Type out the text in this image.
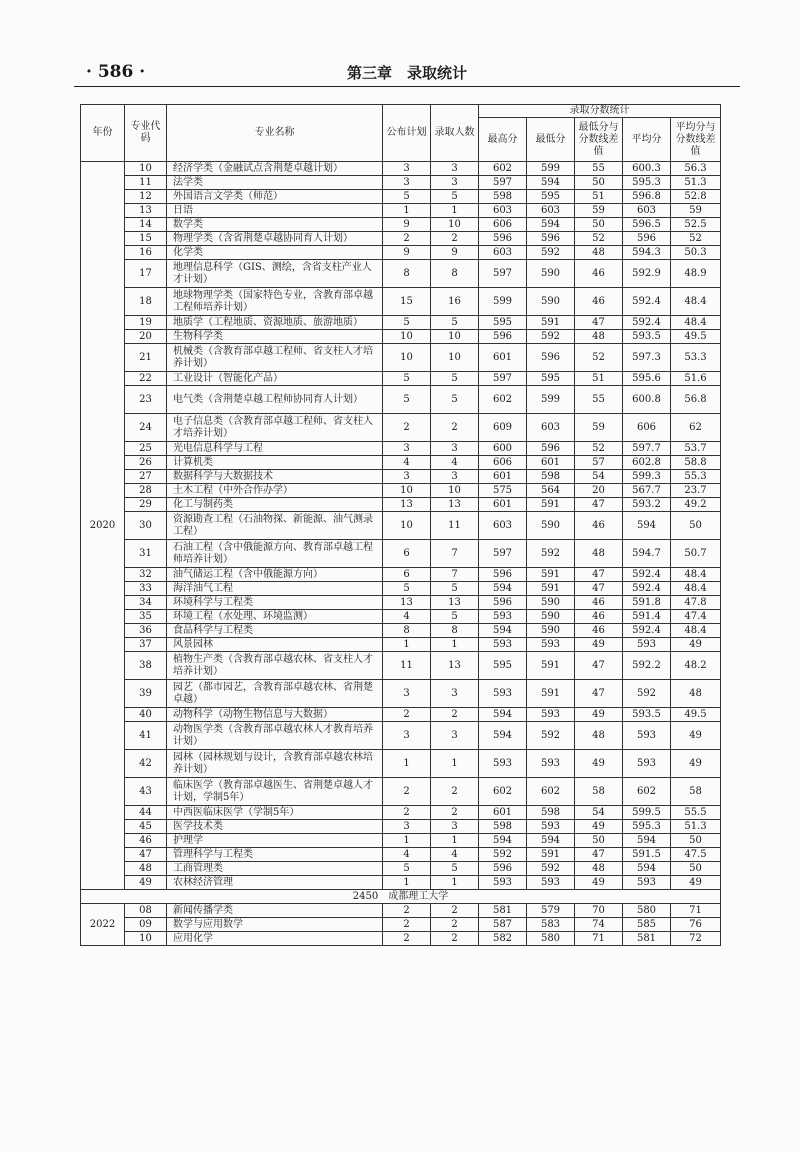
· 586 ·	第三章　录取统计
年份	专业代码	专业名称	公布计划	录取人数	录取分数统计				
					最高分	最低分	最低分与分数线差值	平均分	平均分与分数线差值
2020	10	经济学类（金融试点含荆楚卓越计划）	3	3	602	599	55	600.3	56.3
	11	法学类	3	3	597	594	50	595.3	51.3
	12	外国语言文学类（师范）	5	5	598	595	51	596.8	52.8
	13	日语	1	1	603	603	59	603	59
	14	数学类	9	10	606	594	50	596.5	52.5
	15	物理学类（含省荆楚卓越协同育人计划）	2	2	596	596	52	596	52
	16	化学类	9	9	603	592	48	594.3	50.3
	17	地理信息科学（GIS、测绘，含省支柱产业人才计划）	8	8	597	590	46	592.9	48.9
	18	地球物理学类（国家特色专业，含教育部卓越工程师培养计划）	15	16	599	590	46	592.4	48.4
	19	地质学（工程地质、资源地质、旅游地质）	5	5	595	591	47	592.4	48.4
	20	生物科学类	10	10	596	592	48	593.5	49.5
	21	机械类（含教育部卓越工程师、省支柱人才培养计划）	10	10	601	596	52	597.3	53.3
	22	工业设计（智能化产品）	5	5	597	595	51	595.6	51.6
	23	电气类（含荆楚卓越工程师协同育人计划）	5	5	602	599	55	600.8	56.8
	24	电子信息类（含教育部卓越工程师、省支柱人才培养计划）	2	2	609	603	59	606	62
	25	光电信息科学与工程	3	3	600	596	52	597.7	53.7
	26	计算机类	4	4	606	601	57	602.8	58.8
	27	数据科学与大数据技术	3	3	601	598	54	599.3	55.3
	28	土木工程（中外合作办学）	10	10	575	564	20	567.7	23.7
	29	化工与制药类	13	13	601	591	47	593.2	49.2
	30	资源勘查工程（石油物探、新能源、油气测录工程）	10	11	603	590	46	594	50
	31	石油工程（含中俄能源方向、教育部卓越工程师培养计划）	6	7	597	592	48	594.7	50.7
	32	油气储运工程（含中俄能源方向）	6	7	596	591	47	592.4	48.4
	33	海洋油气工程	5	5	594	591	47	592.4	48.4
	34	环境科学与工程类	13	13	596	590	46	591.8	47.8
	35	环境工程（水处理、环境监测）	4	5	593	590	46	591.4	47.4
	36	食品科学与工程类	8	8	594	590	46	592.4	48.4
	37	风景园林	1	1	593	593	49	593	49
	38	植物生产类（含教育部卓越农林、省支柱人才培养计划）	11	13	595	591	47	592.2	48.2
	39	园艺（都市园艺，含教育部卓越农林、省荆楚卓越）	3	3	593	591	47	592	48
	40	动物科学（动物生物信息与大数据）	2	2	594	593	49	593.5	49.5
	41	动物医学类（含教育部卓越农林人才教育培养计划）	3	3	594	592	48	593	49
	42	园林（园林规划与设计，含教育部卓越农林培养计划）	1	1	593	593	49	593	49
	43	临床医学（教育部卓越医生、省荆楚卓越人才计划，学制5年）	2	2	602	602	58	602	58
	44	中西医临床医学（学制5年）	2	2	601	598	54	599.5	55.5
	45	医学技术类	3	3	598	593	49	595.3	51.3
	46	护理学	1	1	594	594	50	594	50
	47	管理科学与工程类	4	4	592	591	47	591.5	47.5
	48	工商管理类	5	5	596	592	48	594	50
	49	农林经济管理	1	1	593	593	49	593	49
2450　成都理工大学									
2022	08	新闻传播学类	2	2	581	579	70	580	71
	09	数学与应用数学	2	2	587	583	74	585	76
	10	应用化学	2	2	582	580	71	581	72
